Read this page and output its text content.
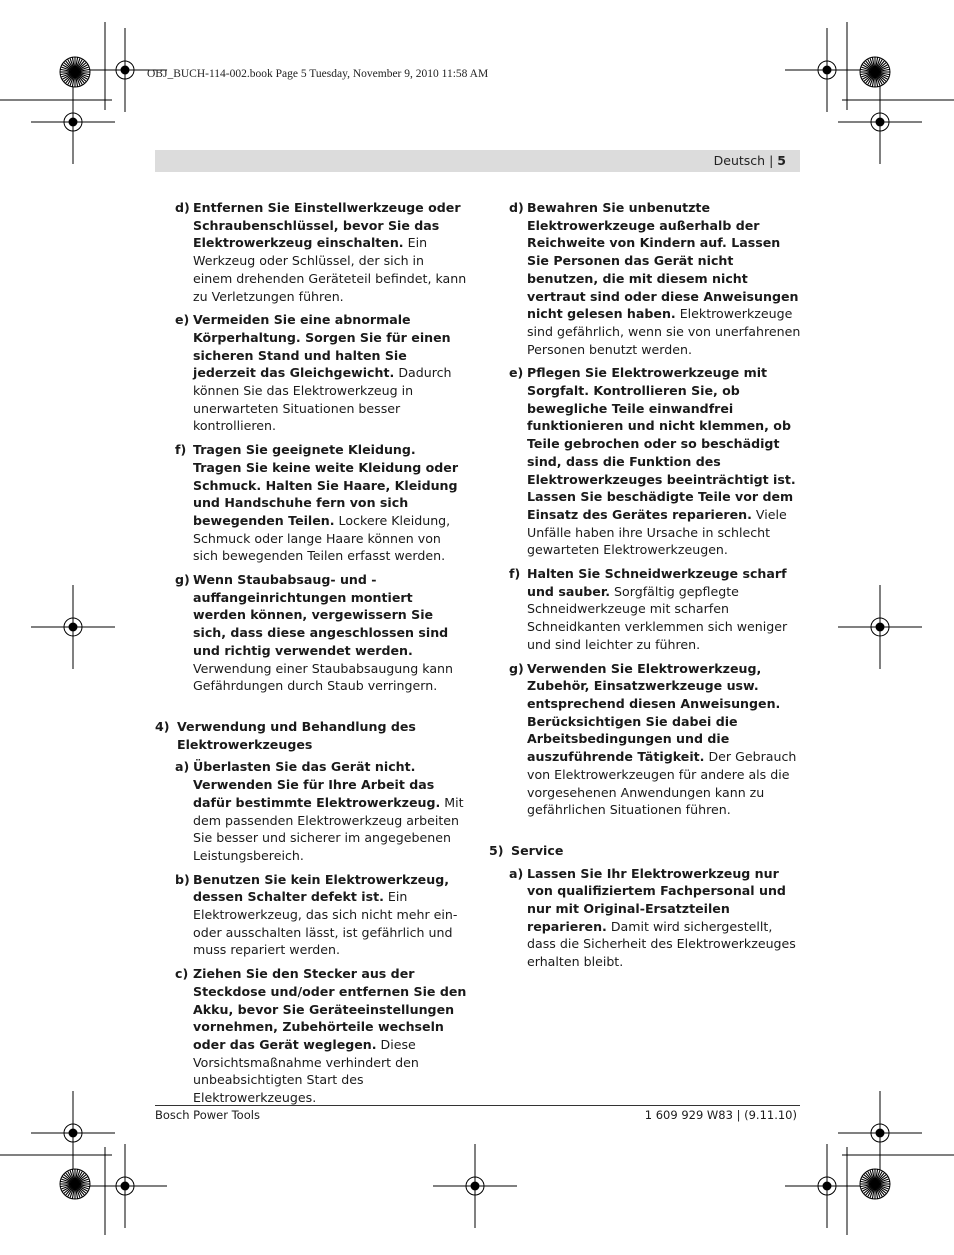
OBJ_BUCH-114-002.book Page 5 Tuesday, November 9, 2010 11:58 AM
Deutsch | 5
d) Entfernen Sie Einstellwerkzeuge oder Schraubenschlüssel, bevor Sie das Elektrowerkzeug einschalten. Ein Werkzeug oder Schlüssel, der sich in einem drehenden Geräteteil befindet, kann zu Verletzungen führen.
e) Vermeiden Sie eine abnormale Körperhaltung. Sorgen Sie für einen sicheren Stand und halten Sie jederzeit das Gleichgewicht. Dadurch können Sie das Elektrowerkzeug in unerwarteten Situationen besser kontrollieren.
f) Tragen Sie geeignete Kleidung. Tragen Sie keine weite Kleidung oder Schmuck. Halten Sie Haare, Kleidung und Handschuhe fern von sich bewegenden Teilen. Lockere Kleidung, Schmuck oder lange Haare können von sich bewegenden Teilen erfasst werden.
g) Wenn Staubabsaug- und -auffangeinrichtungen montiert werden können, vergewissern Sie sich, dass diese angeschlossen sind und richtig verwendet werden. Verwendung einer Staubabsaugung kann Gefährdungen durch Staub verringern.
4) Verwendung und Behandlung des Elektrowerkzeuges
a) Überlasten Sie das Gerät nicht. Verwenden Sie für Ihre Arbeit das dafür bestimmte Elektrowerkzeug. Mit dem passenden Elektrowerkzeug arbeiten Sie besser und sicherer im angegebenen Leistungsbereich.
b) Benutzen Sie kein Elektrowerkzeug, dessen Schalter defekt ist. Ein Elektrowerkzeug, das sich nicht mehr ein- oder ausschalten lässt, ist gefährlich und muss repariert werden.
c) Ziehen Sie den Stecker aus der Steckdose und/oder entfernen Sie den Akku, bevor Sie Geräteeinstellungen vornehmen, Zubehörteile wechseln oder das Gerät weglegen. Diese Vorsichtsmaßnahme verhindert den unbeabsichtigten Start des Elektrowerkzeuges.
d) Bewahren Sie unbenutzte Elektrowerkzeuge außerhalb der Reichweite von Kindern auf. Lassen Sie Personen das Gerät nicht benutzen, die mit diesem nicht vertraut sind oder diese Anweisungen nicht gelesen haben. Elektrowerkzeuge sind gefährlich, wenn sie von unerfahrenen Personen benutzt werden.
e) Pflegen Sie Elektrowerkzeuge mit Sorgfalt. Kontrollieren Sie, ob bewegliche Teile einwandfrei funktionieren und nicht klemmen, ob Teile gebrochen oder so beschädigt sind, dass die Funktion des Elektrowerkzeuges beeinträchtigt ist. Lassen Sie beschädigte Teile vor dem Einsatz des Gerätes reparieren. Viele Unfälle haben ihre Ursache in schlecht gewarteten Elektrowerkzeugen.
f) Halten Sie Schneidwerkzeuge scharf und sauber. Sorgfältig gepflegte Schneidwerkzeuge mit scharfen Schneidkanten verklemmen sich weniger und sind leichter zu führen.
g) Verwenden Sie Elektrowerkzeug, Zubehör, Einsatzwerkzeuge usw. entsprechend diesen Anweisungen. Berücksichtigen Sie dabei die Arbeitsbedingungen und die auszuführende Tätigkeit. Der Gebrauch von Elektrowerkzeugen für andere als die vorgesehenen Anwendungen kann zu gefährlichen Situationen führen.
5) Service
a) Lassen Sie Ihr Elektrowerkzeug nur von qualifiziertem Fachpersonal und nur mit Original-Ersatzteilen reparieren. Damit wird sichergestellt, dass die Sicherheit des Elektrowerkzeuges erhalten bleibt.
Bosch Power Tools	1 609 929 W83 | (9.11.10)
